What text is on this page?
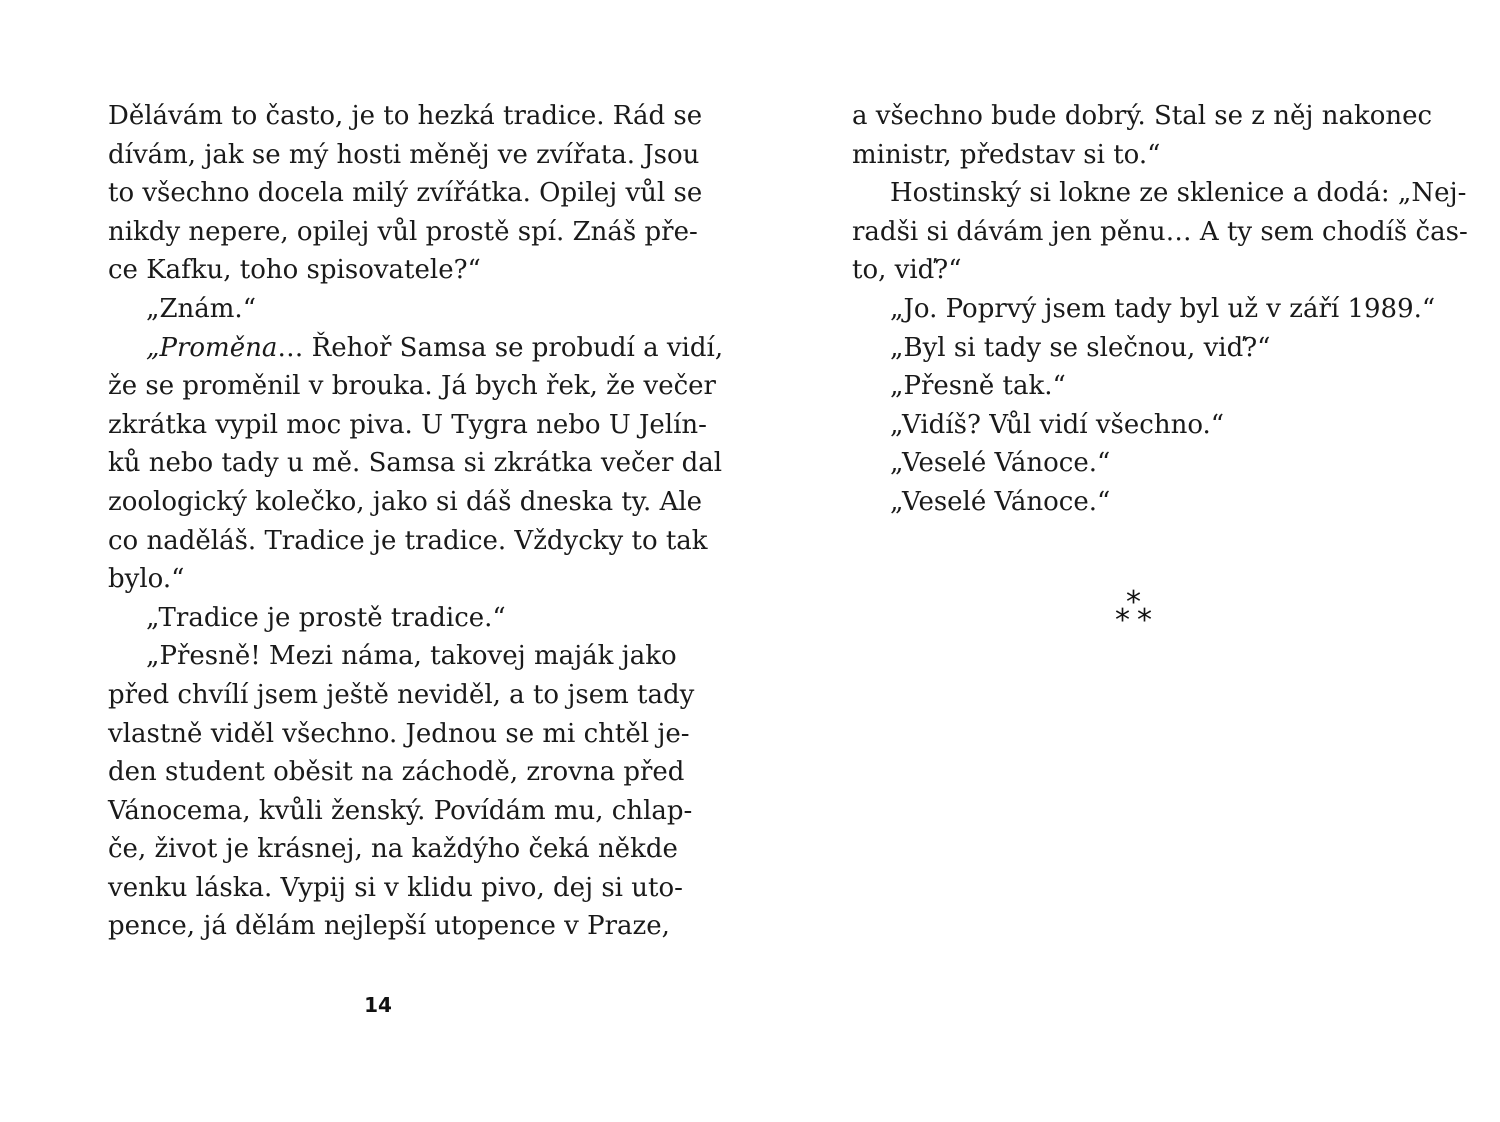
Dělávám to často, je to hezká tradice. Rád se
dívám, jak se mý hosti měněj ve zvířata. Jsou
to všechno docela milý zvířátka. Opilej vůl se
nikdy nepere, opilej vůl prostě spí. Znáš pře-
ce Kafku, toho spisovatele?“
„Znám.“
„Proměna… Řehoř Samsa se probudí a vidí,
že se proměnil v brouka. Já bych řek, že večer
zkrátka vypil moc piva. U Tygra nebo U Jelín-
ků nebo tady u mě. Samsa si zkrátka večer dal
zoologický kolečko, jako si dáš dneska ty. Ale
co naděláš. Tradice je tradice. Vždycky to tak
bylo.“
„Tradice je prostě tradice.“
„Přesně! Mezi náma, takovej maják jako
před chvílí jsem ještě neviděl, a to jsem tady
vlastně viděl všechno. Jednou se mi chtěl je-
den student oběsit na záchodě, zrovna před
Vánocema, kvůli ženský. Povídám mu, chlap-
če, život je krásnej, na každýho čeká někde
venku láska. Vypij si v klidu pivo, dej si uto-
pence, já dělám nejlepší utopence v Praze,
14
a všechno bude dobrý. Stal se z něj nakonec
ministr, představ si to.“
Hostinský si lokne ze sklenice a dodá: „Nej-
radši si dávám jen pěnu… A ty sem chodíš čas-
to, viď?“
„Jo. Poprvý jsem tady byl už v září 1989.“
„Byl si tady se slečnou, viď?“
„Přesně tak.“
„Vidíš? Vůl vidí všechno.“
„Veselé Vánoce.“
„Veselé Vánoce.“
*
* *
